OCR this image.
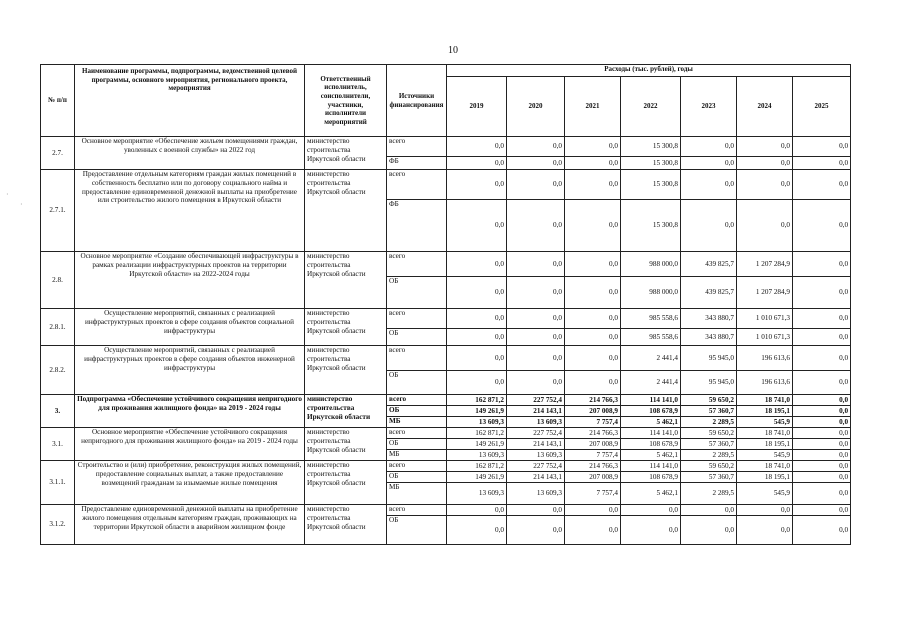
10
№ п/п	Наименование программы, подпрограммы, ведомственной целевой программы, основного мероприятия, регионального проекта, мероприятия	Ответственный исполнитель, соисполнители, участники, исполнители мероприятий	Источники финансирования	Расходы (тыс. рублей), годы						
				2019	2020	2021	2022	2023	2024	2025
2.7.	Основное мероприятие «Обеспечение жильем помещениями граждан, уволенных с военной службы» на 2022 год	министерство строительства Иркутской области	всего	0,0	0,0	0,0	15 300,8	0,0	0,0	0,0
			ФБ	0,0	0,0	0,0	15 300,8	0,0	0,0	0,0
2.7.1.	Предоставление отдельным категориям граждан жилых помещений в собственность бесплатно или по договору социального найма и предоставление единовременной денежной выплаты на приобретение или строительство жилого помещения в Иркутской области	министерство строительства Иркутской области	всего	0,0	0,0	0,0	15 300,8	0,0	0,0	0,0
			ФБ	0,0	0,0	0,0	15 300,8	0,0	0,0	0,0
2.8.	Основное мероприятие «Создание обеспечивающей инфраструктуры в рамках реализации инфраструктурных проектов на территории Иркутской области» на 2022-2024 годы	министерство строительства Иркутской области	всего	0,0	0,0	0,0	988 000,0	439 825,7	1 207 284,9	0,0
			ОБ	0,0	0,0	0,0	988 000,0	439 825,7	1 207 284,9	0,0
2.8.1.	Осуществление мероприятий, связанных с реализацией инфраструктурных проектов в сфере создания объектов социальной инфраструктуры	министерство строительства Иркутской области	всего	0,0	0,0	0,0	985 558,6	343 880,7	1 010 671,3	0,0
			ОБ	0,0	0,0	0,0	985 558,6	343 880,7	1 010 671,3	0,0
2.8.2.	Осуществление мероприятий, связанных с реализацией инфраструктурных проектов в сфере создания объектов инженерной инфраструктуры	министерство строительства Иркутской области	всего	0,0	0,0	0,0	2 441,4	95 945,0	196 613,6	0,0
			ОБ	0,0	0,0	0,0	2 441,4	95 945,0	196 613,6	0,0
3.	Подпрограмма «Обеспечение устойчивого сокращения непригодного для проживания жилищного фонда» на 2019 - 2024 годы	министерство строительства Иркутской области	всего	162 871,2	227 752,4	214 766,3	114 141,0	59 650,2	18 741,0	0,0
			ОБ	149 261,9	214 143,1	207 008,9	108 678,9	57 360,7	18 195,1	0,0
			МБ	13 609,3	13 609,3	7 757,4	5 462,1	2 289,5	545,9	0,0
3.1.	Основное мероприятие «Обеспечение устойчивого сокращения непригодного для проживания жилищного фонда» на 2019 - 2024 годы	министерство строительства Иркутской области	всего	162 871,2	227 752,4	214 766,3	114 141,0	59 650,2	18 741,0	0,0
			ОБ	149 261,9	214 143,1	207 008,9	108 678,9	57 360,7	18 195,1	0,0
			МБ	13 609,3	13 609,3	7 757,4	5 462,1	2 289,5	545,9	0,0
3.1.1.	Строительство и (или) приобретение, реконструкция жилых помещений, предоставление социальных выплат, а также предоставление возмещений гражданам за изымаемые жилые помещения	министерство строительства Иркутской области	всего	162 871,2	227 752,4	214 766,3	114 141,0	59 650,2	18 741,0	0,0
			ОБ	149 261,9	214 143,1	207 008,9	108 678,9	57 360,7	18 195,1	0,0
			МБ	13 609,3	13 609,3	7 757,4	5 462,1	2 289,5	545,9	0,0
3.1.2.	Предоставление единовременной денежной выплаты на приобретение жилого помещения отдельным категориям граждан, проживающих на территории Иркутской области в аварийном жилищном фонде	министерство строительства Иркутской области	всего	0,0	0,0	0,0	0,0	0,0	0,0	0,0
			ОБ	0,0	0,0	0,0	0,0	0,0	0,0	0,0
·
·
